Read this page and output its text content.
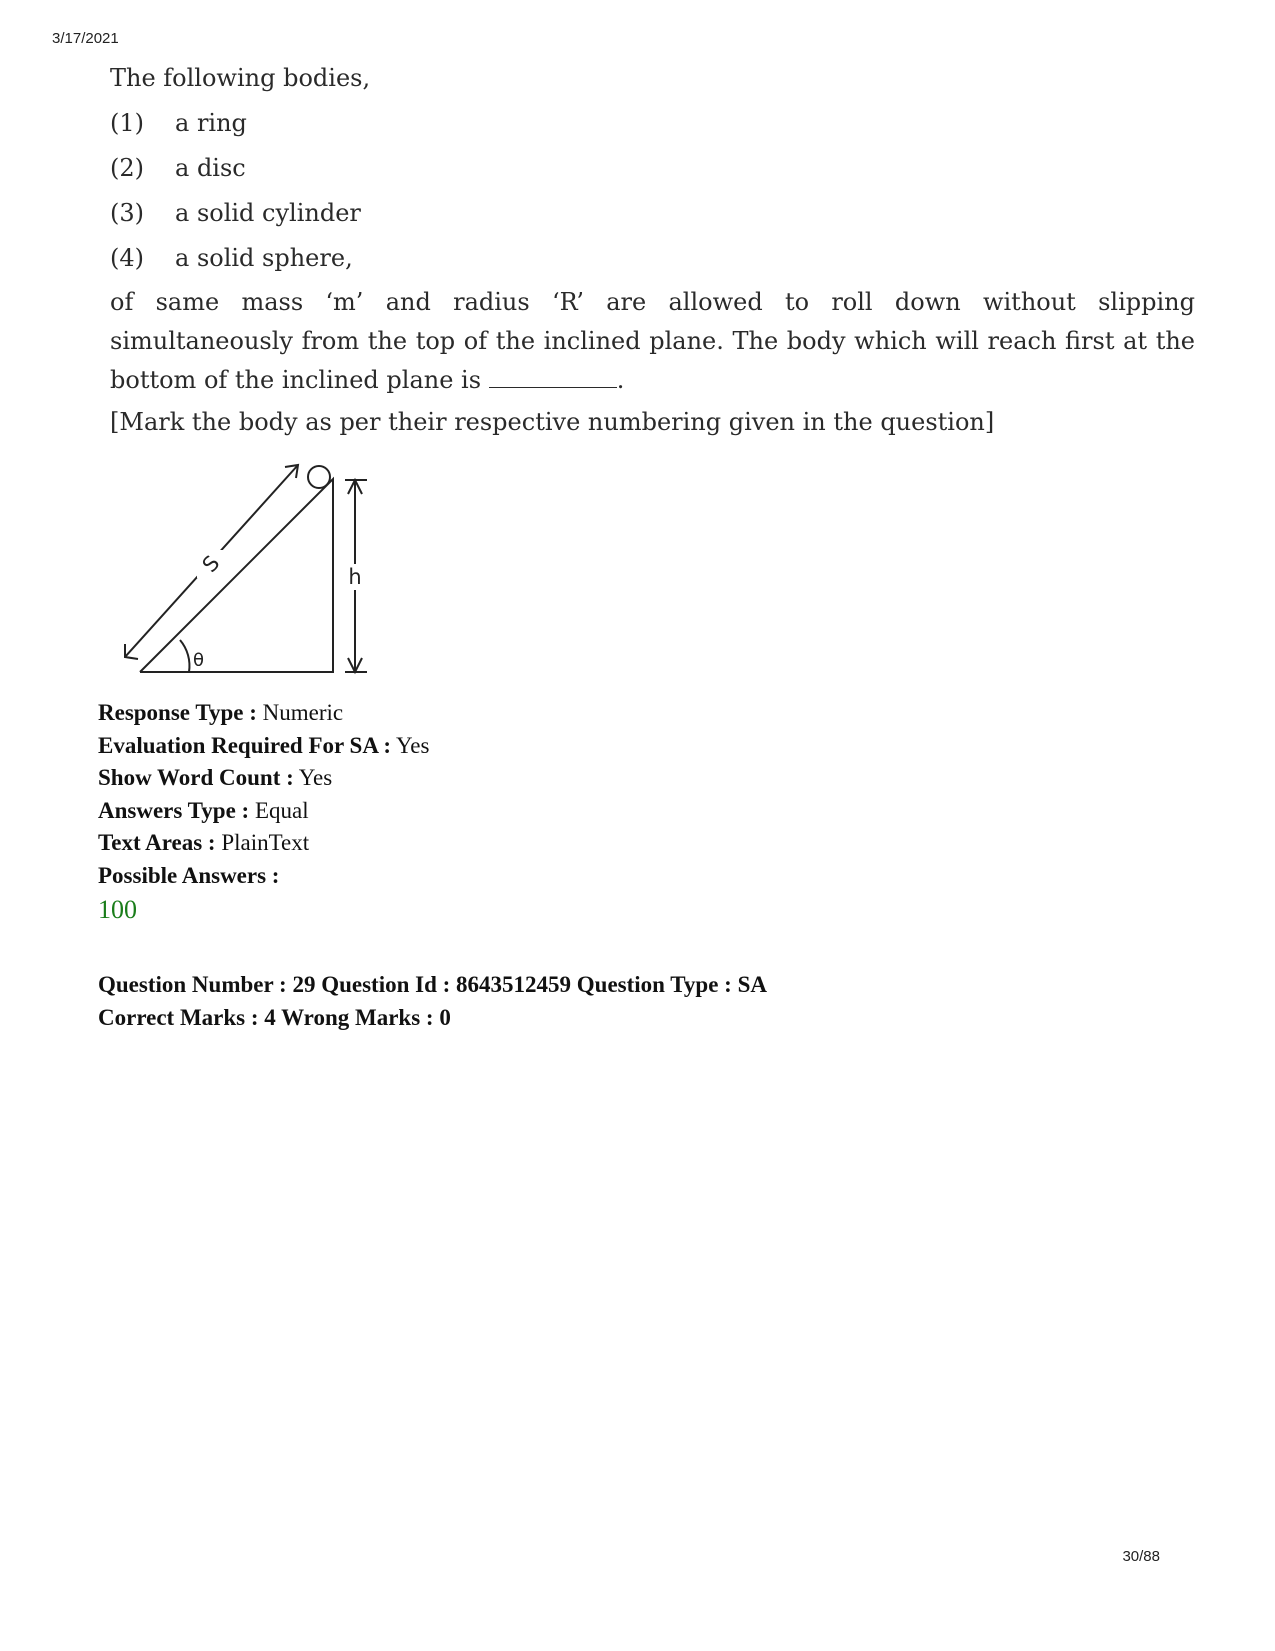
3/17/2021

The following bodies,

(1)	a ring
(2)	a disc
(3)	a solid cylinder
(4)	a solid sphere,

of same mass ‘m’ and radius ‘R’ are allowed to roll down without slipping simultaneously from the top of the inclined plane. The body which will reach first at the bottom of the inclined plane is	.

[Mark the body as per their respective numbering given in the question]

S
h
θ
Response Type : Numeric
Evaluation Required For SA : Yes
Show Word Count : Yes
Answers Type : Equal
Text Areas : PlainText
Possible Answers :
100
Question Number : 29 Question Id : 8643512459 Question Type : SA
Correct Marks : 4 Wrong Marks : 0
30/88
